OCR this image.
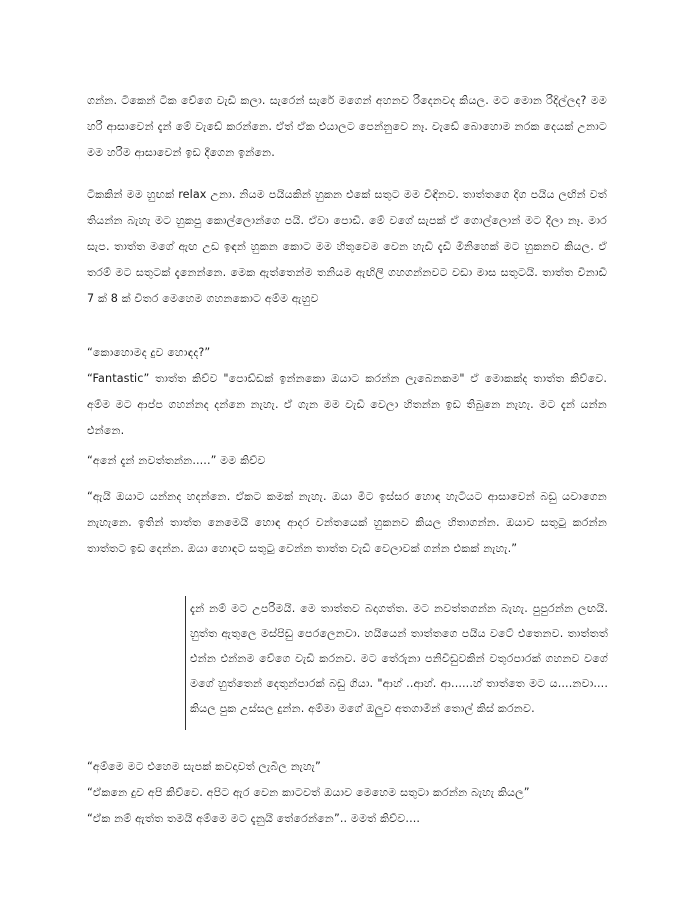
ගන්න. ටිකෙන් ටික වේගෙ වැඩි කලා. සැරෙන් සැරේ මගෙන් අහනව රිදෙනවද කියල. මට මොන රිදිල්ලද? මම හරි ආසාවෙන් දැන් මේ වැඩේ කරන්නෙ. ඒත් ඒක එයාලට පෙන්නුවෙ නෑ. වැඩේ බොහොම නරක දෙයක් උනාට මම හරිම ආසාවෙන් ඉඩ දීගෙන ඉන්නෙ.

ටිකකින් මම හුඟක් relax උනා. නියම පයියකින් හුකන එකේ සතුට මම විඳිනව. තාත්තගෙ දිග පයිය ලඟින් වත් තියන්න බැහැ මට හුකපු කොල්ලොන්ගෙ පයි. ඒවා පොඩි. මේ වගේ සැපක් ඒ ගොල්ලොන් මට දීලා නෑ. මාර සැප. තාත්ත මගේ ඇඟ උඩ ඉඳන් හුකන කොට මම හිතුවෙම වෙන හැඩි දැඩි මිනිහෙක් මට හුකනව කියල. ඒ තරම් මට සතුටක් දැනෙන්නෙ. මෙක ඇත්තෙන්ම තනියම ඇඟිලි ගහගන්නවට වඩා මාස සතුටයි. තාත්ත විනාඩි 7 ක් 8 ක් විතර මෙහෙම ගහනකොට අම්ම ඇහුව

“කොහොමද දුව හොඳද?”

“Fantastic” තාත්ත කිව්ව "පොඩ්ඩක් ඉන්නකො ඔයාට කරන්න ලැබෙනකම" ඒ මොකක්ද තාත්ත කිව්වෙ. අම්ම මට ආප්ප ගහන්නද දන්නෙ නැහැ. ඒ ගැන මම වැඩි වෙලා හිතන්න ඉඩ තිබුනෙ නැහැ. මට දැන් යන්න එන්නෙ.

“අනේ දැන් නවත්තන්න.....” මම කිව්ව

“ඇයි ඔයාට යන්නද හදන්නෙ. ඒකට කමක් නැහැ. ඔයා මීට ඉස්සර හොඳ හැටියට ආසාවෙන් බඩු යවාගෙන නැහැනෙ. ඉතින් තාත්ත නෙමෙයි හොඳ ආදර වන්තයෙක් හුකනව කියල හිතාගන්න. ඔයාව සතුටු කරන්න තාත්තට ඉඩ දෙන්න. ඔයා හොඳට සතුටු වෙන්න තාත්ත වැඩි වෙලාවක් ගන්න එකක් නැහැ.”

දැන් නම් මට උපරිමයි. මෙ තාත්තව බදාගත්ත. මට නවත්තගන්න බැහැ. පුපුරන්න ලඟයි. හුත්ත ඇතුලෙ මස්පිඩු පෙරලෙනවා. හයියෙන් තාත්තගෙ පයිය වටේ එතෙනව. තාත්තත් එන්න එන්නම වේගෙ වැඩි කරනව. මට තේරුනා පනිවිඩුවකින් වතුරපාරක් ගහනව වගේ මගේ හුත්තෙන් දෙතුන්පාරක් බඩු ගියා. "ආහ් ..ආහ්. ආ......හ් තාත්තෙ මට ය....නවා.... කියල පුක උස්සල දුන්න. අම්මා මගේ ඔලුව අතගාමින් තොල් කිස් කරනව.

“අම්මෙ මට එහෙම සැපක් කවදාවත් ලැබිල නැහැ”

“ඒකනෙ දුව අපි කිව්වෙ. අපිට ඇර වෙන කාටවත් ඔයාව මෙහෙම සතුටා කරන්න බැහැ කියල”

“ඒක නම් ඇත්ත තමයි අම්මෙ මට දැනුයි තේරෙන්නෙ”.. මමත් කිව්ව....
